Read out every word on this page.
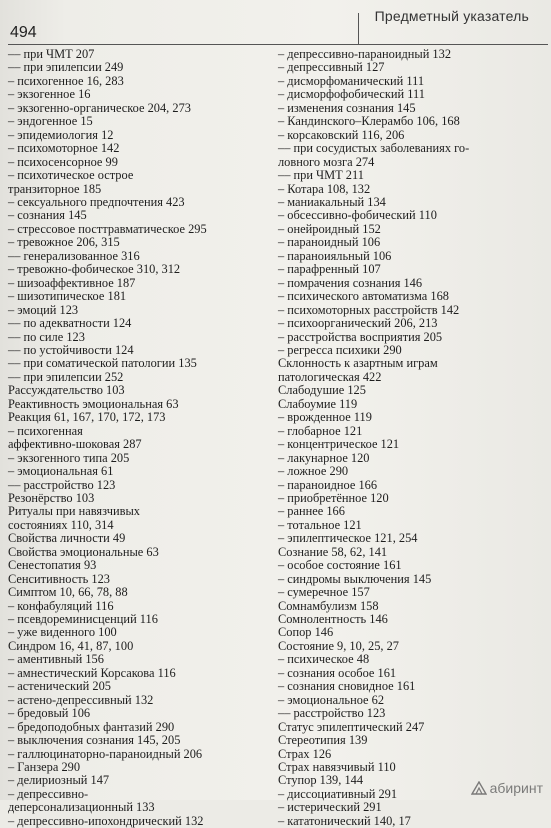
494
Предметный указатель
–– при ЧМТ 207
–– при эпилепсии 249
– психогенное 16, 283
– экзогенное 16
– экзогенно-органическое 204, 273
– эндогенное 15
– эпидемиология 12
– психомоторное 142
– психосенсорное 99
– психотическое острое
транзиторное 185
– сексуального предпочтения 423
– сознания 145
– стрессовое посттравматическое 295
– тревожное 206, 315
–– генерализованное 316
– тревожно-фобическое 310, 312
– шизоаффективное 187
– шизотипическое 181
– эмоций 123
–– по адекватности 124
–– по силе 123
–– по устойчивости 124
–– при соматической патологии 135
–– при эпилепсии 252
Рассуждательство 103
Реактивность эмоциональная 63
Реакция 61, 167, 170, 172, 173
– психогенная
аффективно-шоковая 287
– экзогенного типа 205
– эмоциональная 61
–– расстройство 123
Резонёрство 103
Ритуалы при навязчивых
состояниях 110, 314
Свойства личности 49
Свойства эмоциональные 63
Сенестопатия 93
Сенситивность 123
Симптом 10, 66, 78, 88
– конфабуляций 116
– псевдореминисценций 116
– уже виденного 100
Синдром 16, 41, 87, 100
– аментивный 156
– амнестический Корсакова 116
– астенический 205
– астено-депрессивный 132
– бредовый 106
– бредоподобных фантазий 290
– выключения сознания 145, 205
– галлюцинаторно-параноидный 206
– Ганзера 290
– делириозный 147
– депрессивно-
деперсонализационный 133
– депрессивно-ипохондрический 132
– депрессивно-параноидный 132
– депрессивный 127
– дисморфоманический 111
– дисморфофобический 111
– изменения сознания 145
– Кандинского–Клерамбо 106, 168
– корсаковский 116, 206
–– при сосудистых заболеваниях го-
ловного мозга 274
–– при ЧМТ 211
– Котара 108, 132
– маниакальный 134
– обсессивно-фобический 110
– онейроидный 152
– параноидный 106
– параноияльный 106
– парафренный 107
– помрачения сознания 146
– психического автоматизма 168
– психомоторных расстройств 142
– психоорганический 206, 213
– расстройства восприятия 205
– регресса психики 290
Склонность к азартным играм
патологическая 422
Слабодушие 125
Слабоумие 119
– врожденное 119
– глобарное 121
– концентрическое 121
– лакунарное 120
– ложное 290
– параноидное 166
– приобретённое 120
– раннее 166
– тотальное 121
– эпилептическое 121, 254
Сознание 58, 62, 141
– особое состояние 161
– синдромы выключения 145
– сумеречное 157
Сомнамбулизм 158
Сомнолентность 146
Сопор 146
Состояние 9, 10, 25, 27
– психическое 48
– сознания особое 161
– сознания сновидное 161
– эмоциональное 62
–– расстройство 123
Статус эпилептический 247
Стереотипия 139
Страх 126
Страх навязчивый 110
Ступор 139, 144
– диссоциативный 291
– истерический 291
– кататонический 140, 17
абиринт
